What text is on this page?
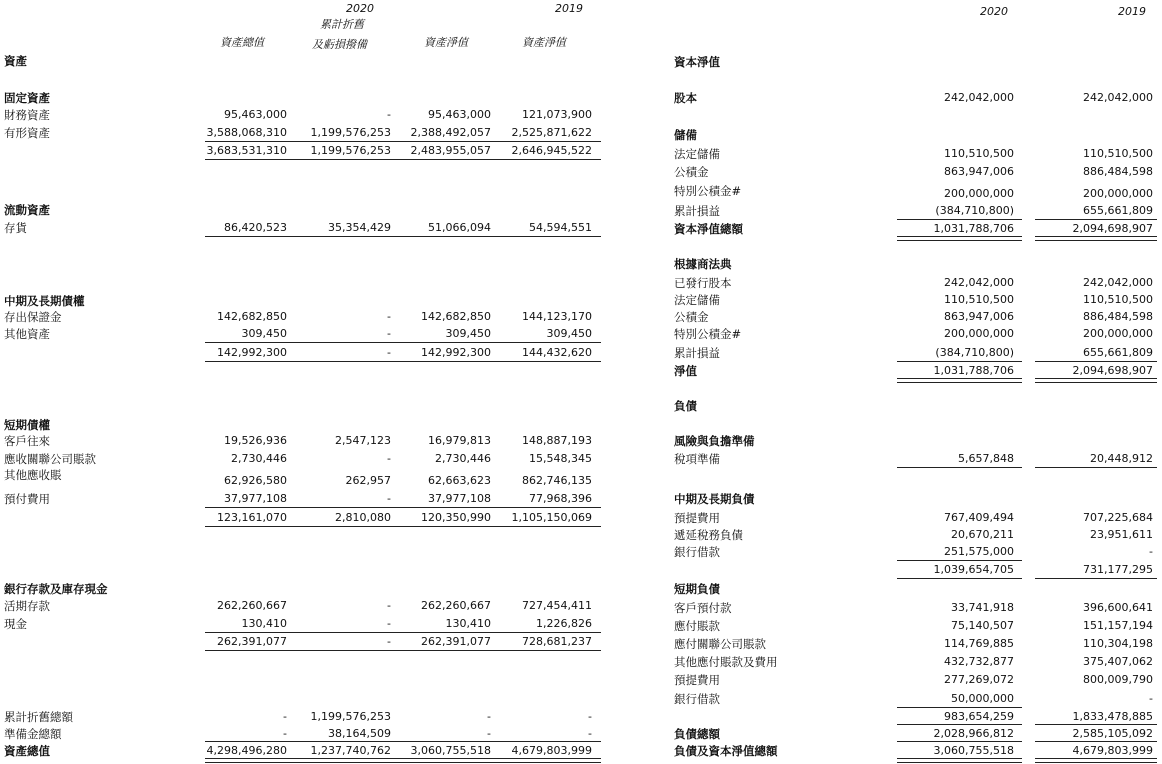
2020	2019
累計折舊
資產總值	及虧損撥備	資產淨值	資產淨值
2020	2019
資產
固定資產
財務資產	95,463,000	-	95,463,000	121,073,900
有形資產	3,588,068,310 1,199,576,253 2,388,492,057 2,525,871,622
3,683,531,310 1,199,576,253 2,483,955,057 2,646,945,522
流動資產
存貨	86,420,523	35,354,429	51,066,094	54,594,551
中期及長期債權
存出保證金	142,682,850	-	142,682,850	144,123,170
其他資產	309,450	-	309,450	309,450
142,992,300	-	142,992,300	144,432,620
短期債權
客戶往來	19,526,936	2,547,123	16,979,813	148,887,193
應收關聯公司賬款	2,730,446	-	2,730,446	15,548,345
其他應收賬	62,926,580	262,957	62,663,623	862,746,135
預付費用	37,977,108	-	37,977,108	77,968,396
123,161,070	2,810,080	120,350,990 1,105,150,069
銀行存款及庫存現金
活期存款	262,260,667	-	262,260,667	727,454,411
現金	130,410	-	130,410	1,226,826
262,391,077	-	262,391,077	728,681,237
累計折舊總額	- 1,199,576,253	-	-
準備金總額	-	38,164,509	-	-
資產總值	4,298,496,280 1,237,740,762 3,060,755,518 4,679,803,999
資本淨值
股本	242,042,000	242,042,000
儲備
法定儲備	110,510,500	110,510,500
公積金	863,947,006	886,484,598
特別公積金#	200,000,000	200,000,000
累計損益	(384,710,800)	655,661,809
資本淨值總額	1,031,788,706	2,094,698,907
根據商法典
已發行股本	242,042,000	242,042,000
法定儲備	110,510,500	110,510,500
公積金	863,947,006	886,484,598
特別公積金#	200,000,000	200,000,000
累計損益	(384,710,800)	655,661,809
淨值	1,031,788,706	2,094,698,907
負債
風險與負擔準備
稅項準備	5,657,848	20,448,912
中期及長期負債
預提費用	767,409,494	707,225,684
遞延稅務負債	20,670,211	23,951,611
銀行借款	251,575,000	-
1,039,654,705	731,177,295
短期負債
客戶預付款	33,741,918	396,600,641
應付賬款	75,140,507	151,157,194
應付關聯公司賬款	114,769,885	110,304,198
其他應付賬款及費用	432,732,877	375,407,062
預提費用	277,269,072	800,009,790
銀行借款	50,000,000	-
983,654,259	1,833,478,885
負債總額	2,028,966,812	2,585,105,092
負債及資本淨值總額	3,060,755,518	4,679,803,999
